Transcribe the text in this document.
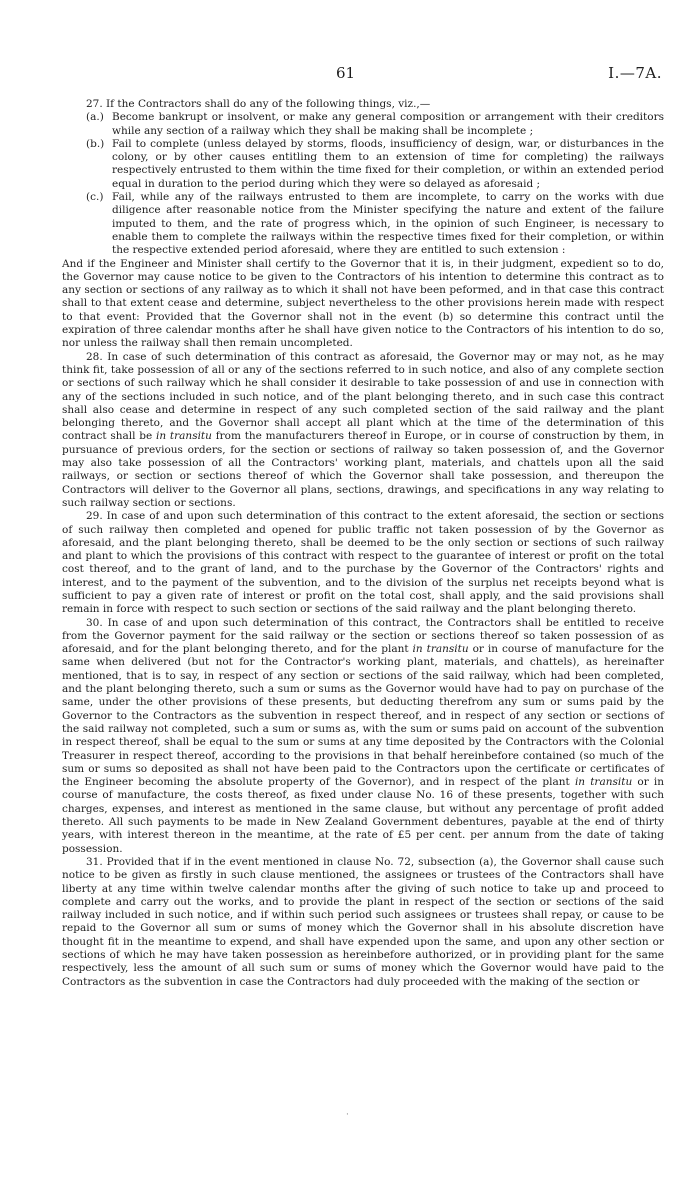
61	I.—7A.

27. If the Contractors shall do any of the following things, viz.,—

(a.) Become bankrupt or insolvent, or make any general composition or arrangement with their creditors while any section of a railway which they shall be making shall be incomplete ;
(b.) Fail to complete (unless delayed by storms, floods, insufficiency of design, war, or disturbances in the colony, or by other causes entitling them to an extension of time for completing) the railways respectively entrusted to them within the time fixed for their completion, or within an extended period equal in duration to the period during which they were so delayed as aforesaid ;
(c.) Fail, while any of the railways entrusted to them are incomplete, to carry on the works with due diligence after reasonable notice from the Minister specifying the nature and extent of the failure imputed to them, and the rate of progress which, in the opinion of such Engineer, is necessary to enable them to complete the railways within the respective times fixed for their completion, or within the respective extended period aforesaid, where they are entitled to such extension :

And if the Engineer and Minister shall certify to the Governor that it is, in their judgment, expedient so to do, the Governor may cause notice to be given to the Contractors of his intention to determine this contract as to any section or sections of any railway as to which it shall not have been peformed, and in that case this contract shall to that extent cease and determine, subject nevertheless to the other provisions herein made with respect to that event: Provided that the Governor shall not in the event (b) so determine this contract until the expiration of three calendar months after he shall have given notice to the Contractors of his intention to do so, nor unless the railway shall then remain uncompleted.

28. In case of such determination of this contract as aforesaid, the Governor may or may not, as he may think fit, take possession of all or any of the sections referred to in such notice, and also of any complete section or sections of such railway which he shall consider it desirable to take possession of and use in connection with any of the sections included in such notice, and of the plant belonging thereto, and in such case this contract shall also cease and determine in respect of any such completed section of the said railway and the plant belonging thereto, and the Governor shall accept all plant which at the time of the determination of this contract shall be in transitu from the manufacturers thereof in Europe, or in course of construction by them, in pursuance of previous orders, for the section or sections of railway so taken possession of, and the Governor may also take possession of all the Contractors' working plant, materials, and chattels upon all the said railways, or section or sections thereof of which the Governor shall take possession, and thereupon the Contractors will deliver to the Governor all plans, sections, drawings, and specifications in any way relating to such railway section or sections.

29. In case of and upon such determination of this contract to the extent aforesaid, the section or sections of such railway then completed and opened for public traffic not taken possession of by the Governor as aforesaid, and the plant belonging thereto, shall be deemed to be the only section or sections of such railway and plant to which the provisions of this contract with respect to the guarantee of interest or profit on the total cost thereof, and to the grant of land, and to the purchase by the Governor of the Contractors' rights and interest, and to the payment of the subvention, and to the division of the surplus net receipts beyond what is sufficient to pay a given rate of interest or profit on the total cost, shall apply, and the said provisions shall remain in force with respect to such section or sections of the said railway and the plant belonging thereto.

30. In case of and upon such determination of this contract, the Contractors shall be entitled to receive from the Governor payment for the said railway or the section or sections thereof so taken possession of as aforesaid, and for the plant belonging thereto, and for the plant in transitu or in course of manufacture for the same when delivered (but not for the Contractor's working plant, materials, and chattels), as hereinafter mentioned, that is to say, in respect of any section or sections of the said railway, which had been completed, and the plant belonging thereto, such a sum or sums as the Governor would have had to pay on purchase of the same, under the other provisions of these presents, but deducting therefrom any sum or sums paid by the Governor to the Contractors as the subvention in respect thereof, and in respect of any section or sections of the said railway not completed, such a sum or sums as, with the sum or sums paid on account of the subvention in respect thereof, shall be equal to the sum or sums at any time deposited by the Contractors with the Colonial Treasurer in respect thereof, according to the provisions in that behalf hereinbefore contained (so much of the sum or sums so deposited as shall not have been paid to the Contractors upon the certificate or certificates of the Engineer becoming the absolute property of the Governor), and in respect of the plant in transitu or in course of manufacture, the costs thereof, as fixed under clause No. 16 of these presents, together with such charges, expenses, and interest as mentioned in the same clause, but without any percentage of profit added thereto. All such payments to be made in New Zealand Government debentures, payable at the end of thirty years, with interest thereon in the meantime, at the rate of £5 per cent. per annum from the date of taking possession.

31. Provided that if in the event mentioned in clause No. 72, subsection (a), the Governor shall cause such notice to be given as firstly in such clause mentioned, the assignees or trustees of the Contractors shall have liberty at any time within twelve calendar months after the giving of such notice to take up and proceed to complete and carry out the works, and to provide the plant in respect of the section or sections of the said railway included in such notice, and if within such period such assignees or trustees shall repay, or cause to be repaid to the Governor all sum or sums of money which the Governor shall in his absolute discretion have thought fit in the meantime to expend, and shall have expended upon the same, and upon any other section or sections of which he may have taken possession as hereinbefore authorized, or in providing plant for the same respectively, less the amount of all such sum or sums of money which the Governor would have paid to the Contractors as the subvention in case the Contractors had duly proceeded with the making of the section or

·
